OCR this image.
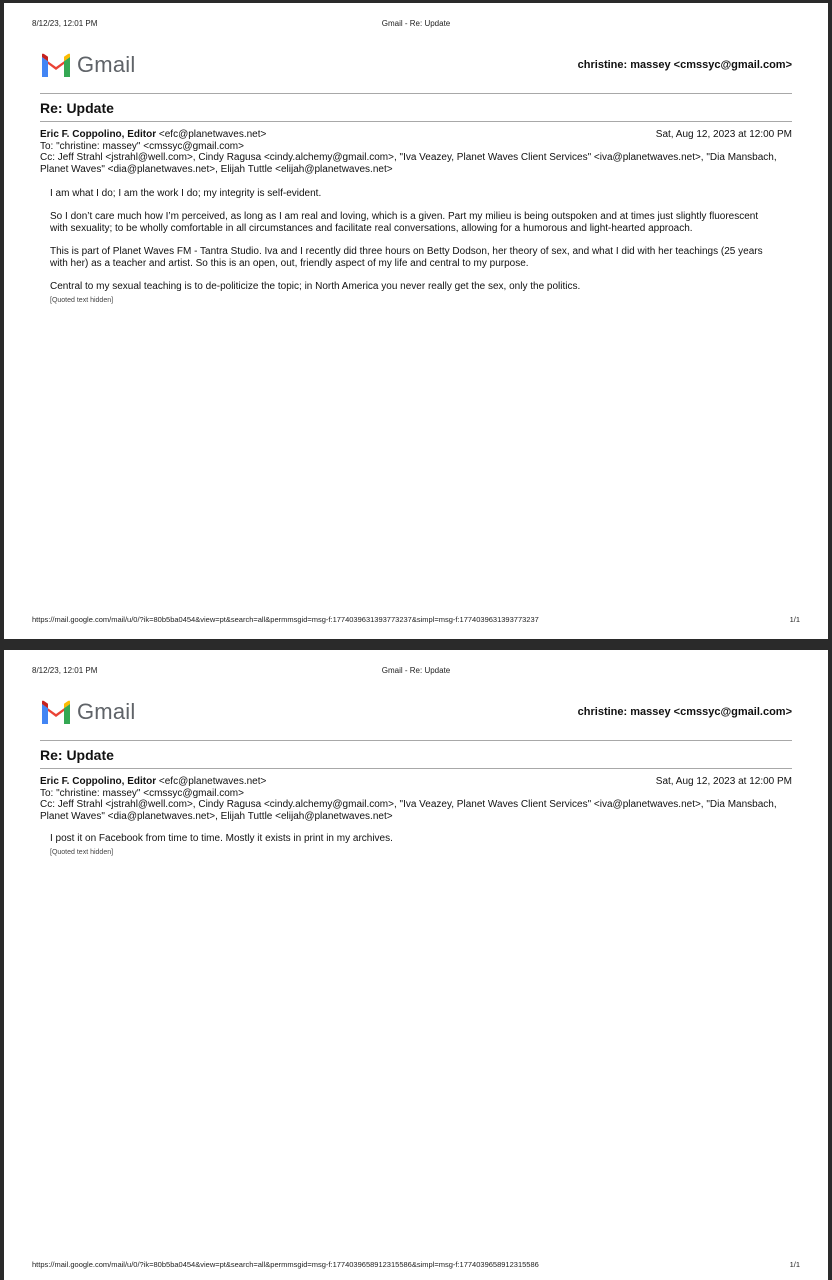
8/12/23, 12:01 PM	Gmail - Re: Update
Gmail	christine: massey <cmssyc@gmail.com>
Re: Update
Eric F. Coppolino, Editor <efc@planetwaves.net>	Sat, Aug 12, 2023 at 12:00 PM
To: "christine: massey" <cmssyc@gmail.com>
Cc: Jeff Strahl <jstrahl@well.com>, Cindy Ragusa <cindy.alchemy@gmail.com>, "Iva Veazey, Planet Waves Client Services" <iva@planetwaves.net>, "Dia Mansbach, Planet Waves" <dia@planetwaves.net>, Elijah Tuttle <elijah@planetwaves.net>

I am what I do; I am the work I do; my integrity is self-evident.

So I don’t care much how I’m perceived, as long as I am real and loving, which is a given. Part my milieu is being outspoken and at times just slightly fluorescent with sexuality; to be wholly comfortable in all circumstances and facilitate real conversations, allowing for a humorous and light-hearted approach.

This is part of Planet Waves FM - Tantra Studio. Iva and I recently did three hours on Betty Dodson, her theory of sex, and what I did with her teachings (25 years with her) as a teacher and artist. So this is an open, out, friendly aspect of my life and central to my purpose.

Central to my sexual teaching is to de-politicize the topic; in North America you never really get the sex, only the politics.

[Quoted text hidden]
https://mail.google.com/mail/u/0/?ik=80b5ba0454&view=pt&search=all&permmsgid=msg-f:1774039631393773237&simpl=msg-f:1774039631393773237	1/1
8/12/23, 12:01 PM	Gmail - Re: Update
Gmail	christine: massey <cmssyc@gmail.com>
Re: Update
Eric F. Coppolino, Editor <efc@planetwaves.net>	Sat, Aug 12, 2023 at 12:00 PM
To: "christine: massey" <cmssyc@gmail.com>
Cc: Jeff Strahl <jstrahl@well.com>, Cindy Ragusa <cindy.alchemy@gmail.com>, "Iva Veazey, Planet Waves Client Services" <iva@planetwaves.net>, "Dia Mansbach, Planet Waves" <dia@planetwaves.net>, Elijah Tuttle <elijah@planetwaves.net>

I post it on Facebook from time to time. Mostly it exists in print in my archives.

[Quoted text hidden]
https://mail.google.com/mail/u/0/?ik=80b5ba0454&view=pt&search=all&permmsgid=msg-f:1774039658912315586&simpl=msg-f:1774039658912315586	1/1
